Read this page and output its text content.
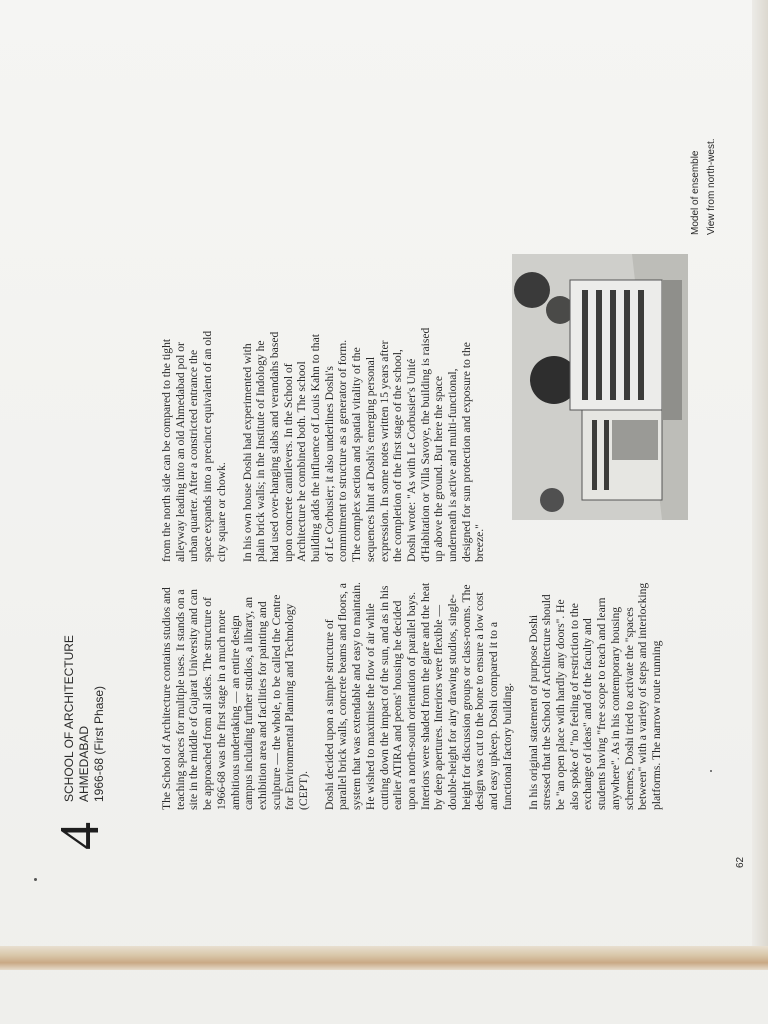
4
SCHOOL OF ARCHITECTURE AHMEDABAD 1966-68 (First Phase)	The School of Architecture contains studios and teaching spaces for multiple uses. It stands on a site in the middle of Gujarat University and can be approached from all sides. The structure of 1966-68 was the first stage in a much more ambitious undertaking — an entire design campus including further studios, a library, an exhibition area and facilities for painting and sculpture — the whole, to be called the Centre for Environmental Planning and Technology (CEPT). Doshi decided upon a simple structure of parallel brick walls, concrete beams and floors, a system that was extendable and easy to maintain. He wished to maximise the flow of air while cutting down the impact of the sun, and as in his earlier ATIRA and peons' housing he decided upon a north-south orientation of parallel bays. Interiors were shaded from the glare and the heat by deep apertures. Interiors were flexible — double-height for airy drawing studios, single-height for discussion groups or class-rooms. The design was cut to the bone to ensure a low cost and easy upkeep. Doshi compared it to a functional factory building. In his original statement of purpose Doshi stressed that the School of Architecture should be "an open place with hardly any doors". He also spoke of "no feeling of restriction to the exchange of ideas" and of the faculty and students having "free scope to teach and learn anywhere". As in his contemporary housing schemes, Doshi tried to activate the "spaces between" with a variety of steps and interlocking platforms. The narrow route running

from the north side can be compared to the tight alleyway leading into an old Ahmedabad pol or urban quarter. After a constricted entrance the space expands into a precinct equivalent of an old city square or chowk. In his own house Doshi had experimented with plain brick walls; in the Institute of Indology he had used over-hanging slabs and verandahs based upon concrete cantilevers. In the School of Architecture he combined both. The school building adds the influence of Louis Kahn to that of Le Corbusier; it also underlines Doshi's commitment to structure as a generator of form. The complex section and spatial vitality of the sequences hint at Doshi's emerging personal expression. In some notes written 15 years after the completion of the first stage of the school, Doshi wrote: "As with Le Corbusier's Unité d'Habitation or Villa Savoye, the building is raised up above the ground. But here the space underneath is active and multi-functional, designed for sun protection and exposure to the breeze."

Model of ensemble View from north-west.
62
